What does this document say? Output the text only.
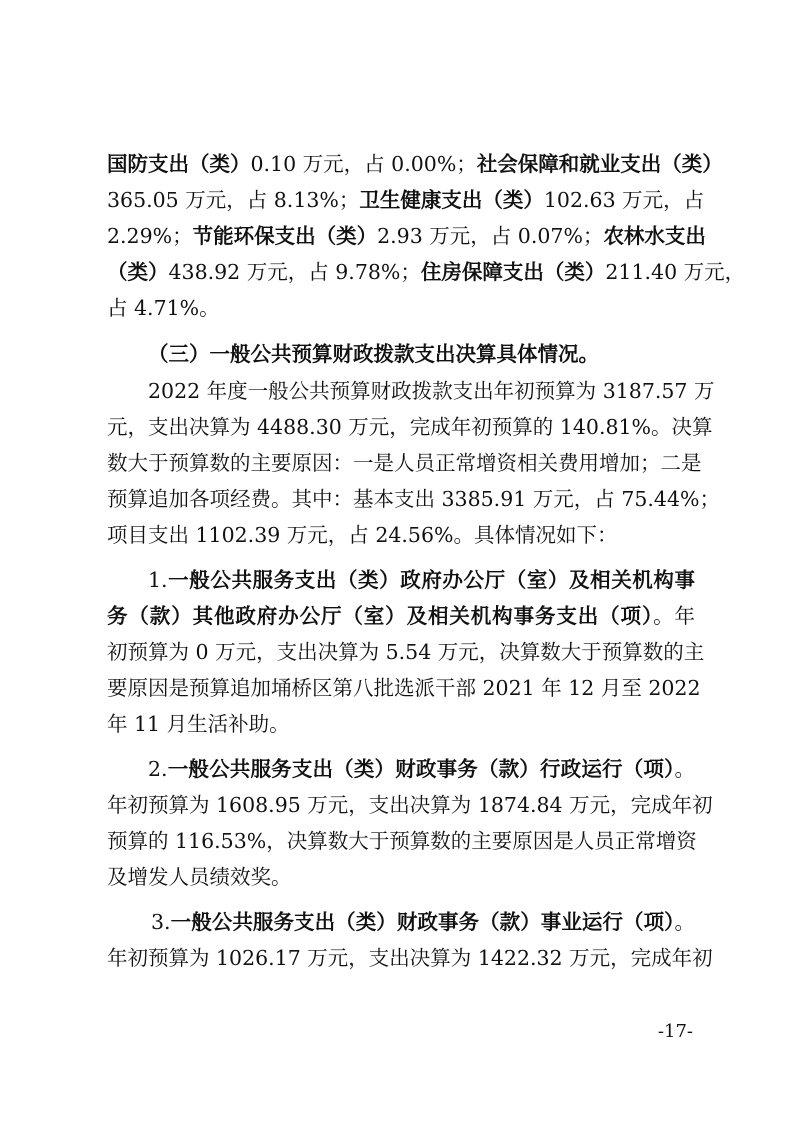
国防支出（类）0.10 万元，占 0.00%；社会保障和就业支出（类）
365.05 万元，占 8.13%；卫生健康支出（类）102.63 万元，占
2.29%；节能环保支出（类）2.93 万元，占 0.07%；农林水支出
（类）438.92 万元，占 9.78%；住房保障支出（类）211.40 万元，
占 4.71%。
（三）一般公共预算财政拨款支出决算具体情况。
2022 年度一般公共预算财政拨款支出年初预算为 3187.57 万
元，支出决算为 4488.30 万元，完成年初预算的 140.81%。决算
数大于预算数的主要原因：一是人员正常增资相关费用增加；二是
预算追加各项经费。其中：基本支出 3385.91 万元，占 75.44%；
项目支出 1102.39 万元，占 24.56%。具体情况如下：
1.一般公共服务支出（类）政府办公厅（室）及相关机构事
务（款）其他政府办公厅（室）及相关机构事务支出（项）。年
初预算为 0 万元，支出决算为 5.54 万元，决算数大于预算数的主
要原因是预算追加埇桥区第八批选派干部 2021 年 12 月至 2022
年 11 月生活补助。
2.一般公共服务支出（类）财政事务（款）行政运行（项）。
年初预算为 1608.95 万元，支出决算为 1874.84 万元，完成年初
预算的 116.53%，决算数大于预算数的主要原因是人员正常增资
及增发人员绩效奖。
3.一般公共服务支出（类）财政事务（款）事业运行（项）。
年初预算为 1026.17 万元，支出决算为 1422.32 万元，完成年初
-17-
